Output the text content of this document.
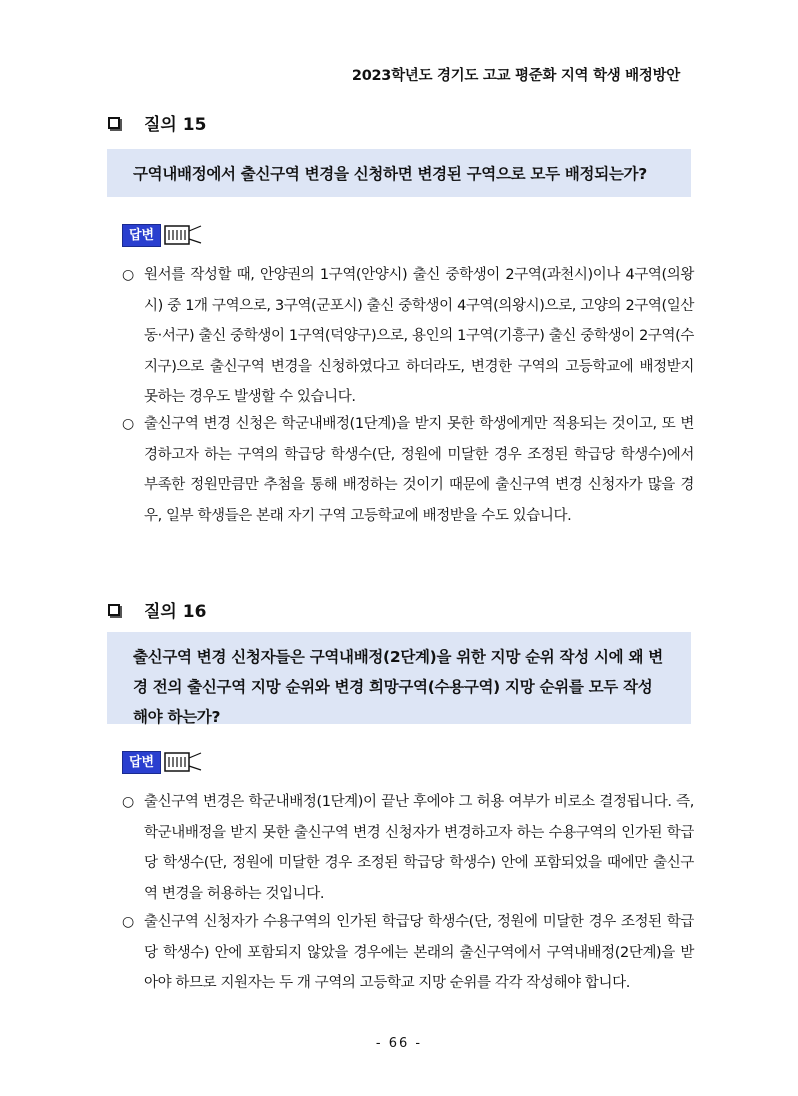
2023학년도 경기도 고교 평준화 지역 학생 배정방안
질의 15
구역내배정에서 출신구역 변경을 신청하면 변경된 구역으로 모두 배정되는가?
답변
○ 원서를 작성할 때, 안양권의 1구역(안양시) 출신 중학생이 2구역(과천시)이나 4구역(의왕시) 중 1개 구역으로, 3구역(군포시) 출신 중학생이 4구역(의왕시)으로, 고양의 2구역(일산동‧서구) 출신 중학생이 1구역(덕양구)으로, 용인의 1구역(기흥구) 출신 중학생이 2구역(수지구)으로 출신구역 변경을 신청하였다고 하더라도, 변경한 구역의 고등학교에 배정받지 못하는 경우도 발생할 수 있습니다.
○ 출신구역 변경 신청은 학군내배정(1단계)을 받지 못한 학생에게만 적용되는 것이고, 또 변경하고자 하는 구역의 학급당 학생수(단, 정원에 미달한 경우 조정된 학급당 학생수)에서 부족한 정원만큼만 추첨을 통해 배정하는 것이기 때문에 출신구역 변경 신청자가 많을 경우, 일부 학생들은 본래 자기 구역 고등학교에 배정받을 수도 있습니다.
질의 16
출신구역 변경 신청자들은 구역내배정(2단계)을 위한 지망 순위 작성 시에 왜 변경 전의 출신구역 지망 순위와 변경 희망구역(수용구역) 지망 순위를 모두 작성해야 하는가?
답변
○ 출신구역 변경은 학군내배정(1단계)이 끝난 후에야 그 허용 여부가 비로소 결정됩니다. 즉, 학군내배정을 받지 못한 출신구역 변경 신청자가 변경하고자 하는 수용구역의 인가된 학급당 학생수(단, 정원에 미달한 경우 조정된 학급당 학생수) 안에 포함되었을 때에만 출신구역 변경을 허용하는 것입니다.
○ 출신구역 신청자가 수용구역의 인가된 학급당 학생수(단, 정원에 미달한 경우 조정된 학급당 학생수) 안에 포함되지 않았을 경우에는 본래의 출신구역에서 구역내배정(2단계)을 받아야 하므로 지원자는 두 개 구역의 고등학교 지망 순위를 각각 작성해야 합니다.
- 66 -
